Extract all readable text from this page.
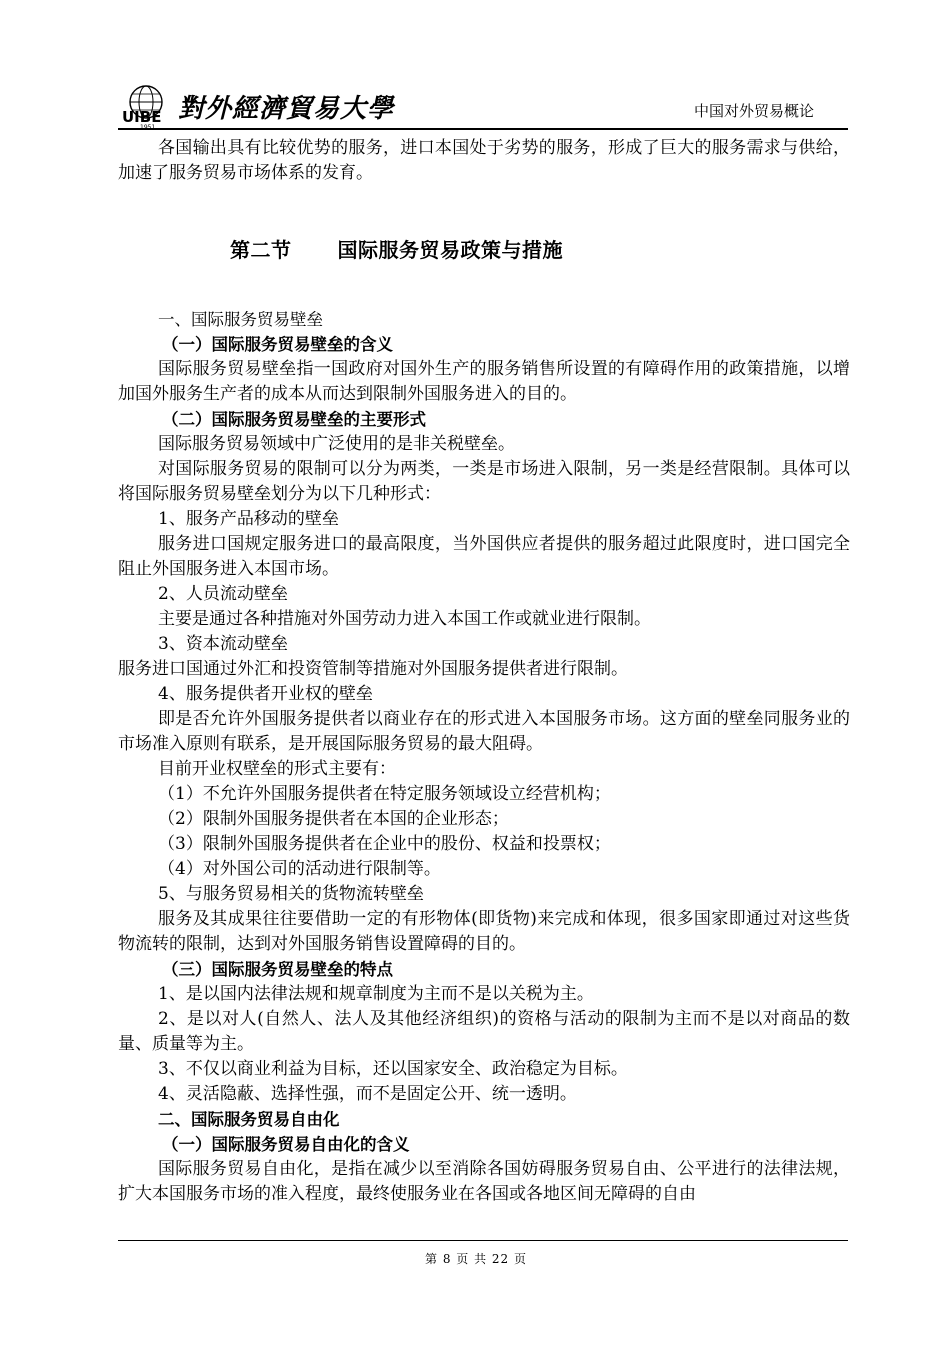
UIBE
1951
對外經濟貿易大學	中国对外贸易概论

各国输出具有比较优势的服务，进口本国处于劣势的服务，形成了巨大的服务需求与供给，加速了服务贸易市场体系的发育。

第二节 国际服务贸易政策与措施

一、国际服务贸易壁垒

（一）国际服务贸易壁垒的含义

国际服务贸易壁垒指一国政府对国外生产的服务销售所设置的有障碍作用的政策措施，以增加国外服务生产者的成本从而达到限制外国服务进入的目的。

（二）国际服务贸易壁垒的主要形式

国际服务贸易领域中广泛使用的是非关税壁垒。

对国际服务贸易的限制可以分为两类，一类是市场进入限制，另一类是经营限制。具体可以将国际服务贸易壁垒划分为以下几种形式：

1、服务产品移动的壁垒

服务进口国规定服务进口的最高限度，当外国供应者提供的服务超过此限度时，进口国完全阻止外国服务进入本国市场。

2、人员流动壁垒

主要是通过各种措施对外国劳动力进入本国工作或就业进行限制。

3、资本流动壁垒

服务进口国通过外汇和投资管制等措施对外国服务提供者进行限制。

4、服务提供者开业权的壁垒

即是否允许外国服务提供者以商业存在的形式进入本国服务市场。这方面的壁垒同服务业的市场准入原则有联系，是开展国际服务贸易的最大阻碍。

目前开业权壁垒的形式主要有：

（1）不允许外国服务提供者在特定服务领域设立经营机构；

（2）限制外国服务提供者在本国的企业形态；

（3）限制外国服务提供者在企业中的股份、权益和投票权；

（4）对外国公司的活动进行限制等。

5、与服务贸易相关的货物流转壁垒

服务及其成果往往要借助一定的有形物体(即货物)来完成和体现，很多国家即通过对这些货物流转的限制，达到对外国服务销售设置障碍的目的。

（三）国际服务贸易壁垒的特点

1、是以国内法律法规和规章制度为主而不是以关税为主。

2、是以对人(自然人、法人及其他经济组织)的资格与活动的限制为主而不是以对商品的数量、质量等为主。

3、不仅以商业利益为目标，还以国家安全、政治稳定为目标。

4、灵活隐蔽、选择性强，而不是固定公开、统一透明。

二、国际服务贸易自由化

（一）国际服务贸易自由化的含义

国际服务贸易自由化，是指在减少以至消除各国妨碍服务贸易自由、公平进行的法律法规，扩大本国服务市场的准入程度，最终使服务业在各国或各地区间无障碍的自由

第 8 页 共 22 页
